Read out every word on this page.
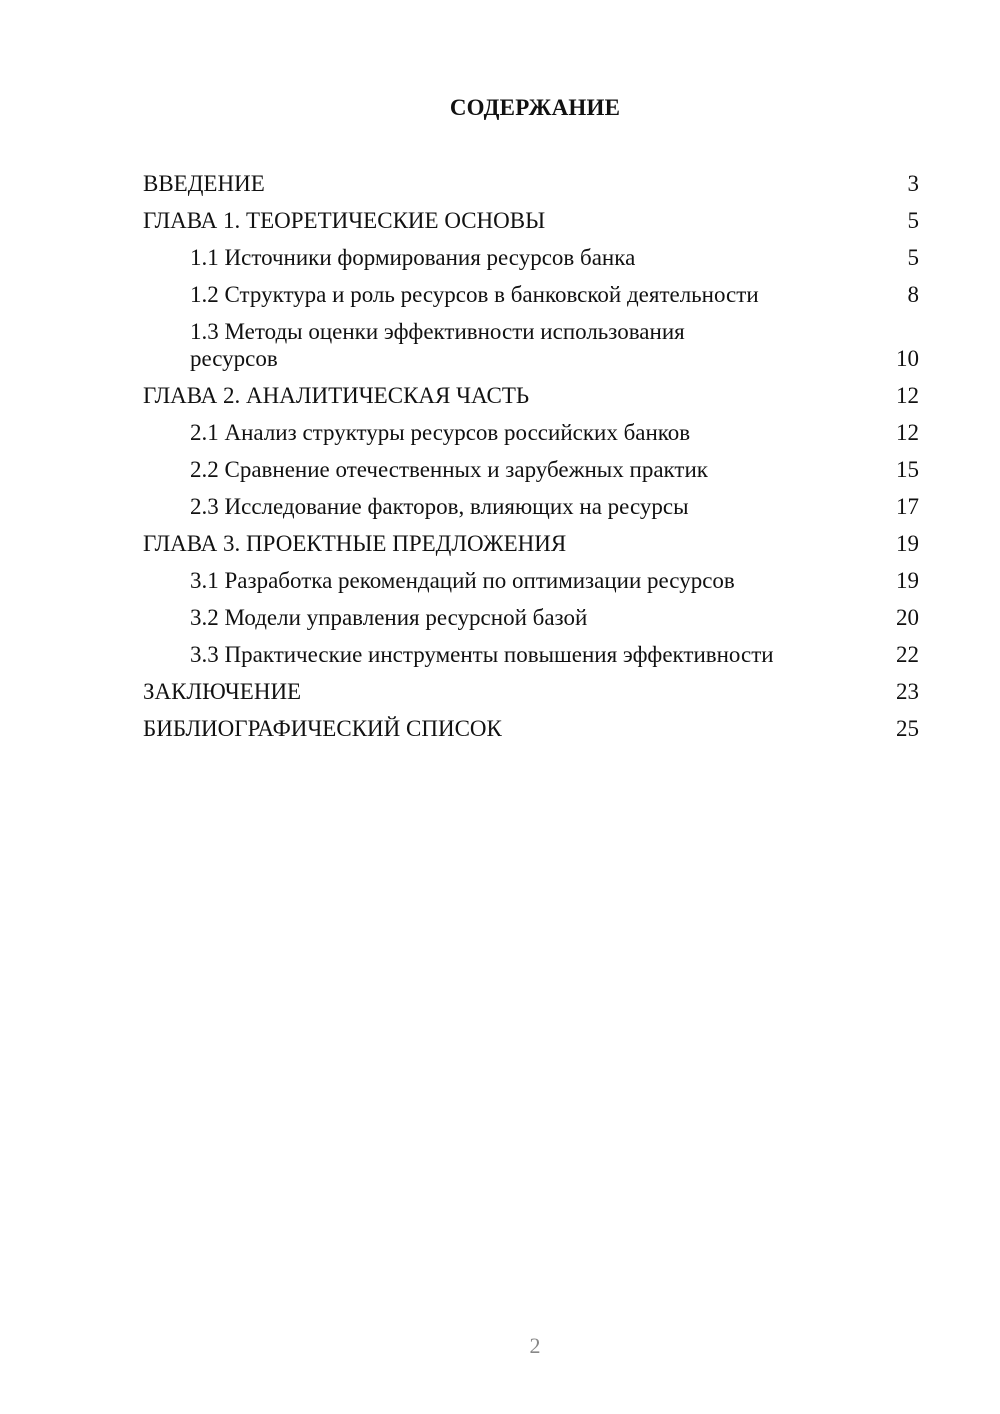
СОДЕРЖАНИЕ
ВВЕДЕНИЕ	3
ГЛАВА 1. ТЕОРЕТИЧЕСКИЕ ОСНОВЫ	5
1.1 Источники формирования ресурсов банка	5
1.2 Структура и роль ресурсов в банковской деятельности	8
1.3 Методы оценки эффективности использования ресурсов	10
ГЛАВА 2. АНАЛИТИЧЕСКАЯ ЧАСТЬ	12
2.1 Анализ структуры ресурсов российских банков	12
2.2 Сравнение отечественных и зарубежных практик	15
2.3 Исследование факторов, влияющих на ресурсы	17
ГЛАВА 3. ПРОЕКТНЫЕ ПРЕДЛОЖЕНИЯ	19
3.1 Разработка рекомендаций по оптимизации ресурсов	19
3.2 Модели управления ресурсной базой	20
3.3 Практические инструменты повышения эффективности	22
ЗАКЛЮЧЕНИЕ	23
БИБЛИОГРАФИЧЕСКИЙ СПИСОК	25
2
